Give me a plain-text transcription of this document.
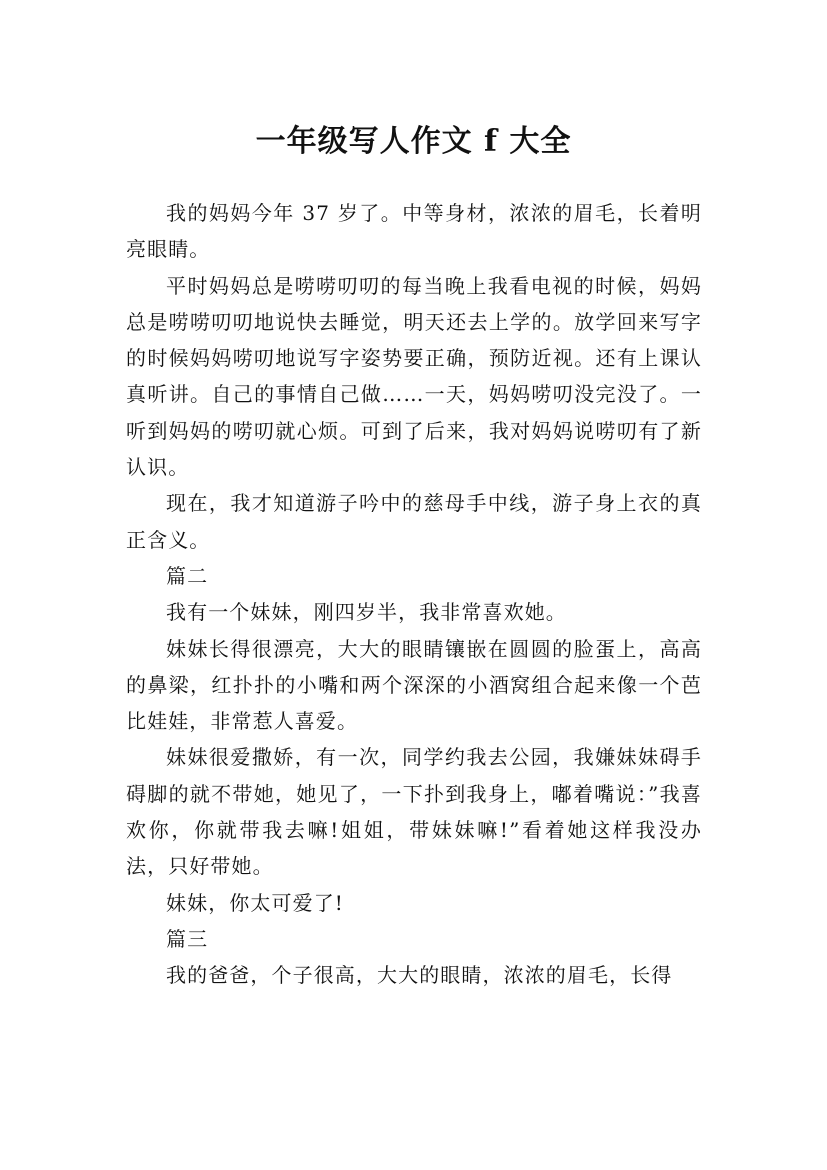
一年级写人作文 f 大全

我的妈妈今年 37 岁了。中等身材，浓浓的眉毛，长着明亮眼睛。

平时妈妈总是唠唠叨叨的每当晚上我看电视的时候，妈妈总是唠唠叨叨地说快去睡觉，明天还去上学的。放学回来写字的时候妈妈唠叨地说写字姿势要正确，预防近视。还有上课认真听讲。自己的事情自己做……一天，妈妈唠叨没完没了。一听到妈妈的唠叨就心烦。可到了后来，我对妈妈说唠叨有了新认识。

现在，我才知道游子吟中的慈母手中线，游子身上衣的真正含义。

篇二

我有一个妹妹，刚四岁半，我非常喜欢她。

妹妹长得很漂亮，大大的眼睛镶嵌在圆圆的脸蛋上，高高的鼻梁，红扑扑的小嘴和两个深深的小酒窝组合起来像一个芭比娃娃，非常惹人喜爱。

妹妹很爱撒娇，有一次，同学约我去公园，我嫌妹妹碍手碍脚的就不带她，她见了，一下扑到我身上，嘟着嘴说：”我喜欢你，你就带我去嘛!姐姐，带妹妹嘛!”看着她这样我没办法，只好带她。

妹妹，你太可爱了!

篇三

我的爸爸，个子很高，大大的眼睛，浓浓的眉毛，长得
